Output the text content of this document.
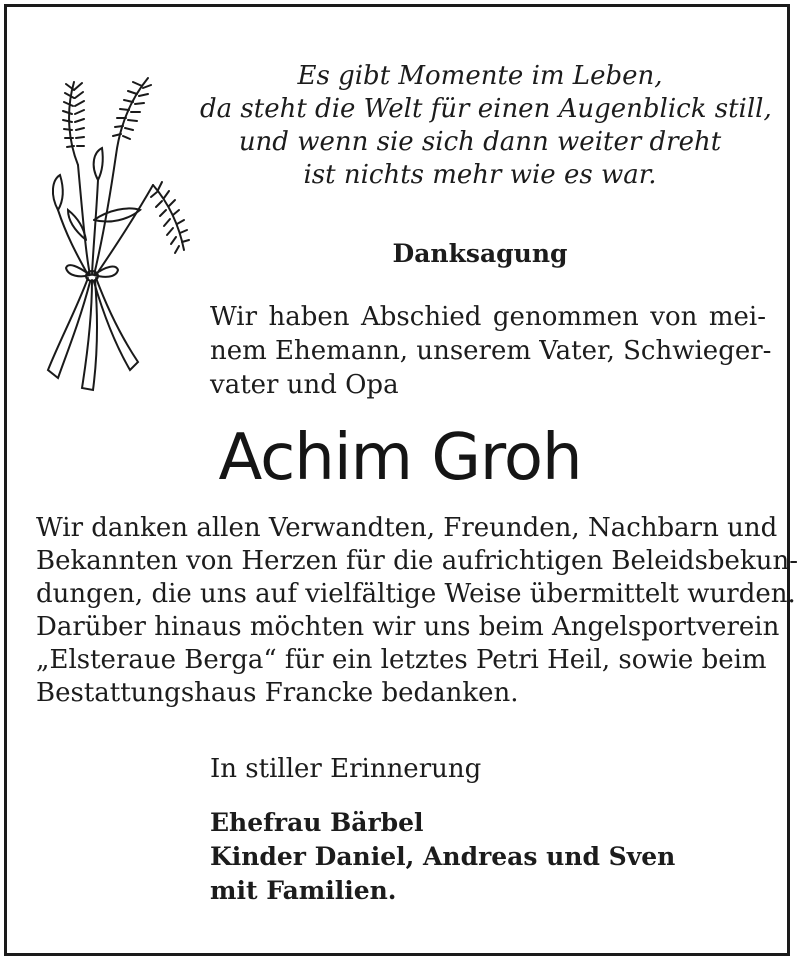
Es gibt Momente im Leben,
da steht die Welt für einen Augenblick still,
und wenn sie sich dann weiter dreht
ist nichts mehr wie es war.
Danksagung
Wir haben Abschied genommen von mei-
nem Ehemann, unserem Vater, Schwieger-
vater und Opa
Achim Groh
Wir danken allen Verwandten, Freunden, Nachbarn und
Bekannten von Herzen für die aufrichtigen Beleidsbekun-
dungen, die uns auf vielfältige Weise übermittelt wurden.
Darüber hinaus möchten wir uns beim Angelsportverein
„Elsteraue Berga“ für ein letztes Petri Heil, sowie beim
Bestattungshaus Francke bedanken.
In stiller Erinnerung
Ehefrau Bärbel
Kinder Daniel, Andreas und Sven
mit Familien.
